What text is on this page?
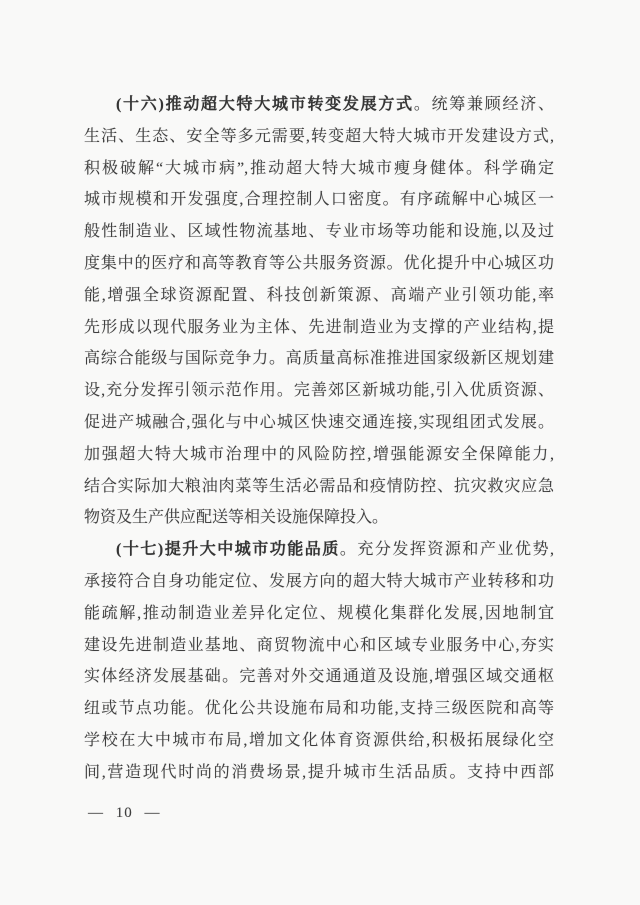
(十六)推动超大特大城市转变发展方式。统筹兼顾经济、
生活、生态、安全等多元需要,转变超大特大城市开发建设方式,
积极破解“大城市病”,推动超大特大城市瘦身健体。科学确定
城市规模和开发强度,合理控制人口密度。有序疏解中心城区一
般性制造业、区域性物流基地、专业市场等功能和设施,以及过
度集中的医疗和高等教育等公共服务资源。优化提升中心城区功
能,增强全球资源配置、科技创新策源、高端产业引领功能,率
先形成以现代服务业为主体、先进制造业为支撑的产业结构,提
高综合能级与国际竞争力。高质量高标准推进国家级新区规划建
设,充分发挥引领示范作用。完善郊区新城功能,引入优质资源、
促进产城融合,强化与中心城区快速交通连接,实现组团式发展。
加强超大特大城市治理中的风险防控,增强能源安全保障能力,
结合实际加大粮油肉菜等生活必需品和疫情防控、抗灾救灾应急
物资及生产供应配送等相关设施保障投入。
(十七)提升大中城市功能品质。充分发挥资源和产业优势,
承接符合自身功能定位、发展方向的超大特大城市产业转移和功
能疏解,推动制造业差异化定位、规模化集群化发展,因地制宜
建设先进制造业基地、商贸物流中心和区域专业服务中心,夯实
实体经济发展基础。完善对外交通通道及设施,增强区域交通枢
纽或节点功能。优化公共设施布局和功能,支持三级医院和高等
学校在大中城市布局,增加文化体育资源供给,积极拓展绿化空
间,营造现代时尚的消费场景,提升城市生活品质。支持中西部
— 10 —
